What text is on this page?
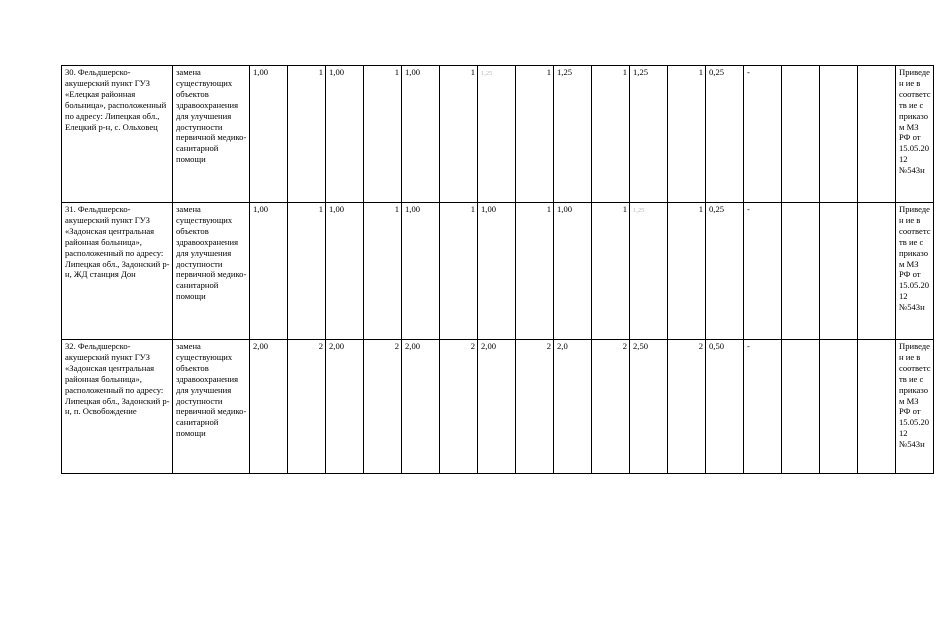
30. Фельдшерско-акушерский пункт ГУЗ «Елецкая районная больница», расположенный по адресу: Липецкая обл., Елецкий р-н, с. Ольховец	замена существующих объектов здравоохранения для улучшения доступности первичной медико-санитарной помощи	1,00	1	1,00	1	1,00	1	1,25	1	1,25	1	1,25	1	0,25	-				Приведен ие в соответств ие с приказом МЗ РФ от 15.05.2012 №543н
31. Фельдшерско-акушерский пункт ГУЗ «Задонская центральная районная больница», расположенный по адресу: Липецкая обл., Задонский р-н, ЖД станция Дон	замена существующих объектов здравоохранения для улучшения доступности первичной медико-санитарной помощи	1,00	1	1,00	1	1,00	1	1,00	1	1,00	1	1,25	1	0,25	-				Приведен ие в соответств ие с приказом МЗ РФ от 15.05.2012 №543н
32. Фельдшерско-акушерский пункт ГУЗ «Задонская центральная районная больница», расположенный по адресу: Липецкая обл., Задонский р-н, п. Освобождение	замена существующих объектов здравоохранения для улучшения доступности первичной медико-санитарной помощи	2,00	2	2,00	2	2,00	2	2,00	2	2,0	2	2,50	2	0,50	-				Приведен ие в соответств ие с приказом МЗ РФ от 15.05.2012 №543н
